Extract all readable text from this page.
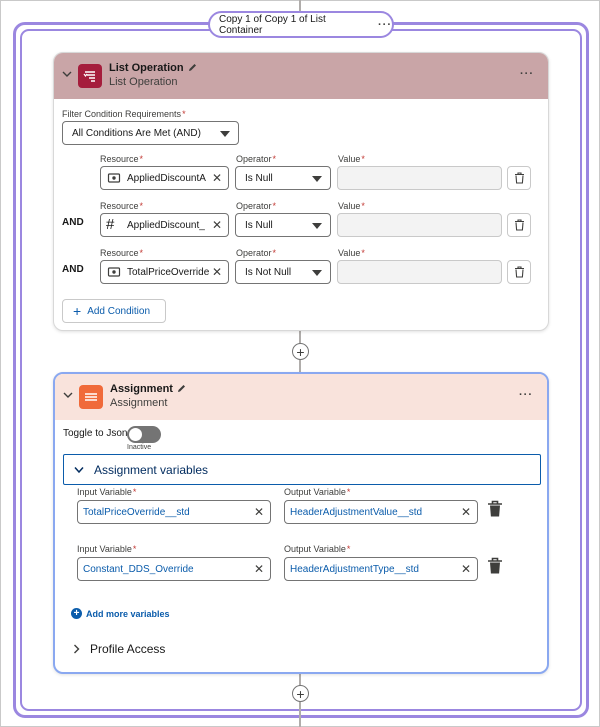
Copy 1 of Copy 1 of List Container	···
+
+
List Operation
List Operation
···
Filter Condition Requirements*
All Conditions Are Met (AND)
Resource*	Operator*	Value*
AppliedDiscountA ✕ Is Null
AND
Resource*	Operator*	Value*
# AppliedDiscount_ ✕ Is Null
AND
Resource*	Operator*	Value*
TotalPriceOverride ✕ Is Not Null
+ Add Condition
Assignment
Assignment
···
Toggle to Json
Inactive
Assignment variables
Input Variable*	Output Variable*
TotalPriceOverride__std	✕	HeaderAdjustmentValue__std	✕
Input Variable*	Output Variable*
Constant_DDS_Override	✕	HeaderAdjustmentType__std	✕
+ Add more variables
Profile Access
